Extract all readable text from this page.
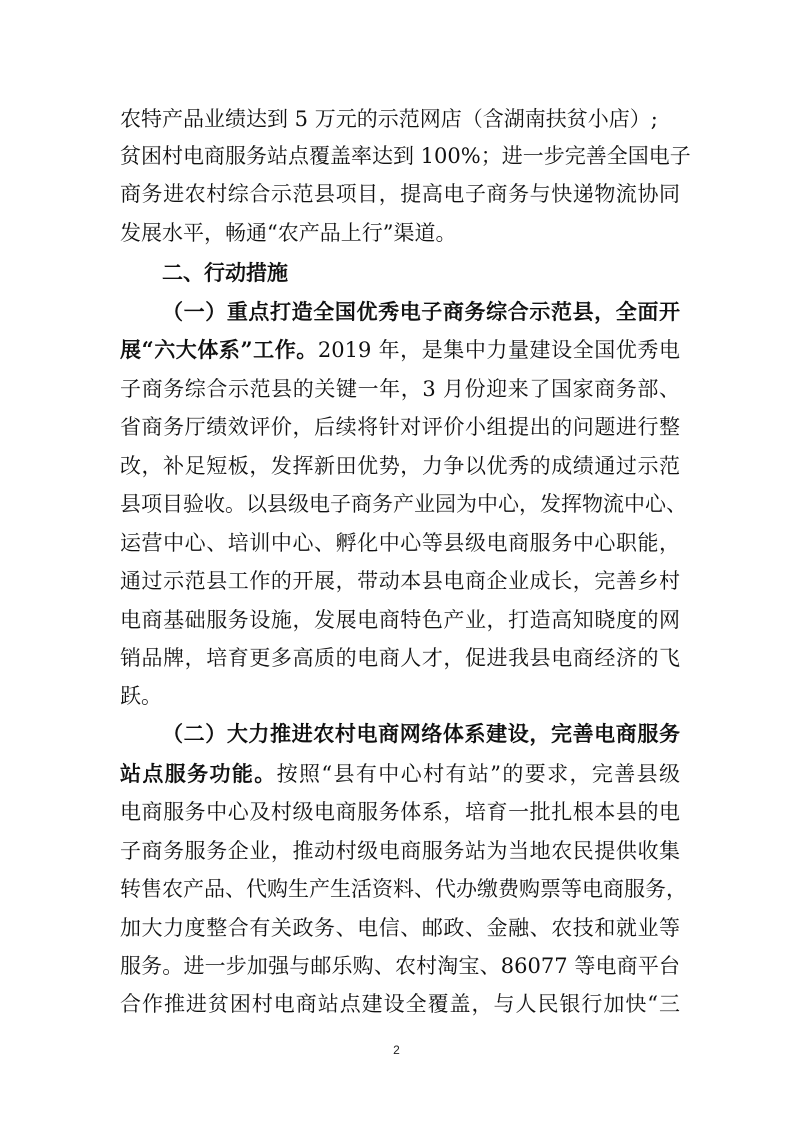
农特产品业绩达到 5 万元的示范网店（含湖南扶贫小店）;
贫困村电商服务站点覆盖率达到 100%；进一步完善全国电子
商务进农村综合示范县项目，提高电子商务与快递物流协同
发展水平，畅通“农产品上行”渠道。
二、行动措施
（一）重点打造全国优秀电子商务综合示范县，全面开
展“六大体系”工作。2019 年，是集中力量建设全国优秀电
子商务综合示范县的关键一年，3 月份迎来了国家商务部、
省商务厅绩效评价，后续将针对评价小组提出的问题进行整
改，补足短板，发挥新田优势，力争以优秀的成绩通过示范
县项目验收。以县级电子商务产业园为中心，发挥物流中心、
运营中心、培训中心、孵化中心等县级电商服务中心职能，
通过示范县工作的开展，带动本县电商企业成长，完善乡村
电商基础服务设施，发展电商特色产业，打造高知晓度的网
销品牌，培育更多高质的电商人才，促进我县电商经济的飞
跃。
（二）大力推进农村电商网络体系建设，完善电商服务
站点服务功能。按照“县有中心村有站”的要求，完善县级
电商服务中心及村级电商服务体系，培育一批扎根本县的电
子商务服务企业，推动村级电商服务站为当地农民提供收集
转售农产品、代购生产生活资料、代办缴费购票等电商服务，
加大力度整合有关政务、电信、邮政、金融、农技和就业等
服务。进一步加强与邮乐购、农村淘宝、86077 等电商平台
合作推进贫困村电商站点建设全覆盖，与人民银行加快“三
2
